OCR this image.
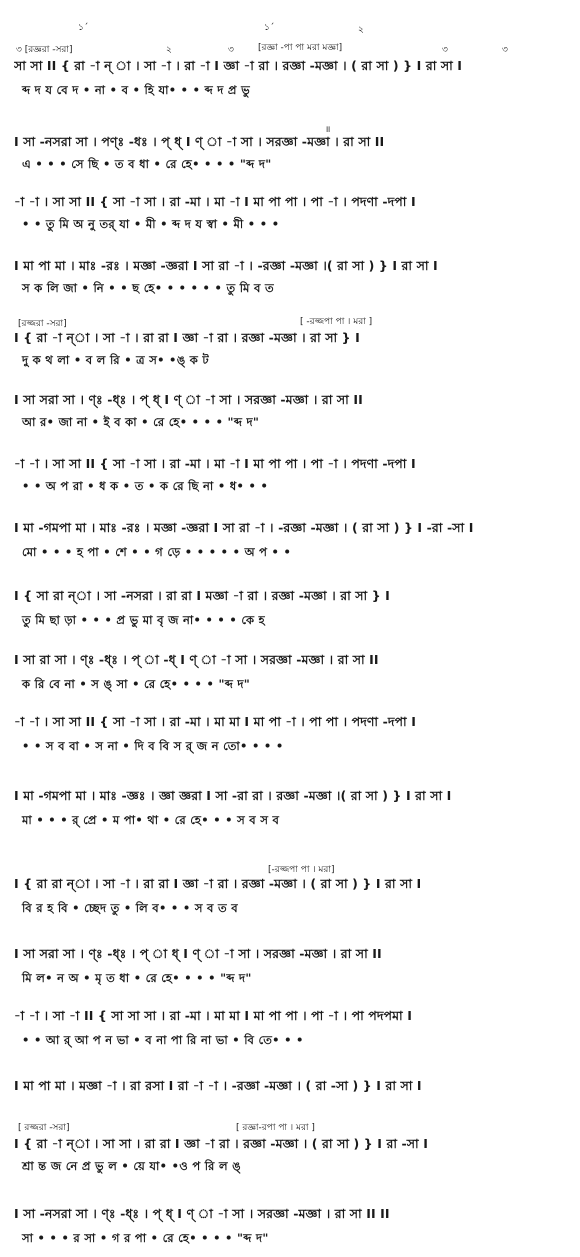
১´	১´	২
৩ [রজ্ঞরা -সরা]	২	৩	[রজ্ঞা -পা পা মরা মজ্ঞা]	৩	৩
সা সা II { রা -া ন্ া । সা -া । রা -া I জ্ঞা -া রা । রজ্ঞা -মজ্ঞা । ( রা সা ) } I রা সা I
ব্দ দ য বে দ • না • ব • হি যা• • • ব্দ দ প্র ভু
॥
I সা -নসরা সা । পণ্ঃ -ধঃ । প্ ধ্ I ণ্ া -া সা । সরজ্ঞা -মজ্ঞা । রা সা II
এ • • • সে ছি • ত ব ধা • রে হে• • • • "ব্দ দ"
-া -া । সা সা II { সা -া সা । রা -মা । মা -া I মা পা পা । পা -া । পদণা -দপা I
• • তু মি অ নু তর্ যা • মী • ব্দ দ য স্বা • মী • • •
I মা পা মা । মাঃ -রঃ । মজ্ঞা -জ্ঞরা I সা রা -া । -রজ্ঞা -মজ্ঞা ।( রা সা ) } I রা সা I
স ক লি জা • নি • • ছ হে• • • • • • তু মি ব ত
[রজ্জরা -সরা]	[ -রজ্জপা পা । মরা ]
I { রা -া ন্া । সা -া । রা রা I জ্ঞা -া রা । রজ্ঞা -মজ্ঞা । রা সা } I
দু ক থ লা • ব ল রি • ত্র স• •ঙ্ ক ট
I সা সরা সা । ণ্ঃ -ধ্ঃ । প্ ধ্ I ণ্ া -া সা । সরজ্ঞা -মজ্ঞা । রা সা II
আ র• জা না • ই ব কা • রে হে• • • • "ব্দ দ"
-া -া । সা সা II { সা -া সা । রা -মা । মা -া I মা পা পা । পা -া । পদণা -দপা I
• • অ প রা • ধ ক • ত • ক রে ছি না • ধ• • •
I মা -গমপা মা । মাঃ -রঃ । মজ্ঞা -জ্ঞরা I সা রা -া । -রজ্ঞা -মজ্ঞা । ( রা সা ) } I -রা -সা I
মো • • • হ পা • শে • • গ ড়ে • • • • • অ প • •
I { সা রা ন্া । সা -নসরা । রা রা I মজ্ঞা -া রা । রজ্ঞা -মজ্ঞা । রা সা } I
তু মি ছা ড়া • • • প্র ভু মা বৃ জ না• • • • কে হ
I সা রা সা । ণ্ঃ -ধ্ঃ । প্ া -ধ্ I ণ্ া -া সা । সরজ্ঞা -মজ্ঞা । রা সা II
ক রি বে না • স ঙ্ সা • রে হে• • • • "ব্দ দ"
-া -া । সা সা II { সা -া সা । রা -মা । মা মা I মা পা -া । পা পা । পদণা -দপা I
• • স ব বা • স না • দি ব বি স র্ জ ন তো• • • •
I মা -গমপা মা । মাঃ -জ্ঞঃ । জ্ঞা জ্ঞরা I সা -রা রা । রজ্ঞা -মজ্ঞা ।( রা সা ) } I রা সা I
মা • • • র্ প্রে • ম পা• থা • রে হে• • • স ব স ব
[-রজ্জপা পা । মরা]
I { রা রা ন্া । সা -া । রা রা I জ্ঞা -া রা । রজ্ঞা -মজ্ঞা । ( রা সা ) } I রা সা I
বি র হ বি • চ্ছেদ তু • লি ব• • • স ব ত ব
I সা সরা সা । ণ্ঃ -ধ্ঃ । প্ া ধ্ I ণ্ া -া সা । সরজ্ঞা -মজ্ঞা । রা সা II
মি ল• ন অ • মৃ ত ধা • রে হে• • • • "ব্দ দ"
-া -া । সা -া II { সা সা সা । রা -মা । মা মা I মা পা পা । পা -া । পা পদপমা I
• • আ র্ আ প ন ভা • ব না পা রি না ভা • বি তে• • •
I মা পা মা । মজ্ঞা -া । রা রসা I রা -া -া । -রজ্ঞা -মজ্ঞা । ( রা -সা ) } I রা সা I
[ রজ্জরা -সরা]	[ রজ্ঞা-রপা পা । মরা ]
I { রা -া ন্া । সা সা । রা রা I জ্ঞা -া রা । রজ্ঞা -মজ্ঞা । ( রা সা ) } I রা -সা I
শ্রা ন্ত জ নে প্র ভু ল • য়ে যা• •ও প রি ল ঙ্
I সা -নসরা সা । ণ্ঃ -ধ্ঃ । প্ ধ্ I ণ্ া -া সা । সরজ্ঞা -মজ্ঞা । রা সা II II
সা • • • র সা • গ র পা • রে হে• • • • "ব্দ দ"
